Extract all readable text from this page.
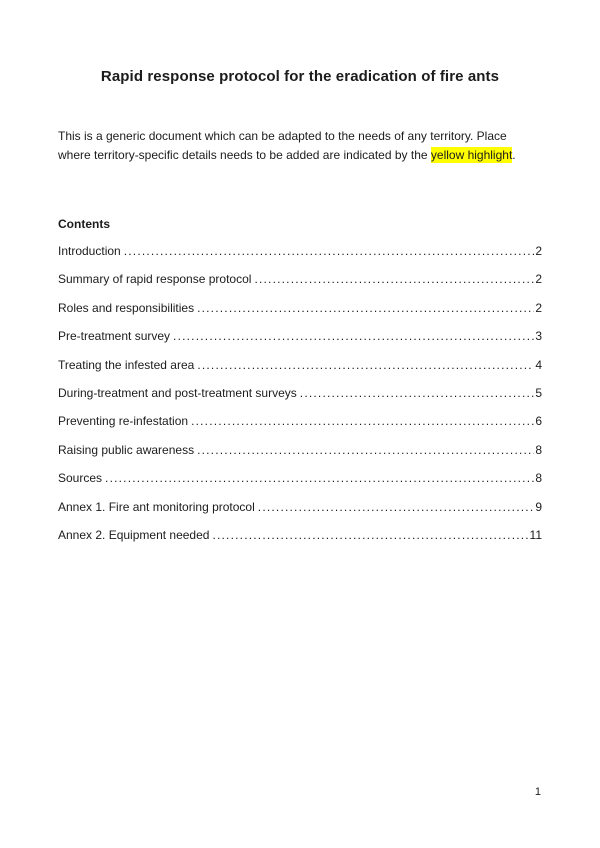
Rapid response protocol for the eradication of fire ants

This is a generic document which can be adapted to the needs of any territory. Place where territory-specific details needs to be added are indicated by the yellow highlight.

Contents
Introduction .....	2
Summary of rapid response protocol .....	2
Roles and responsibilities .....	2
Pre-treatment survey .....	3
Treating the infested area .....	4
During-treatment and post-treatment surveys .....	5
Preventing re-infestation .....	6
Raising public awareness .....	8
Sources .....	8
Annex 1. Fire ant monitoring protocol .....	9
Annex 2. Equipment needed .....	11
1
